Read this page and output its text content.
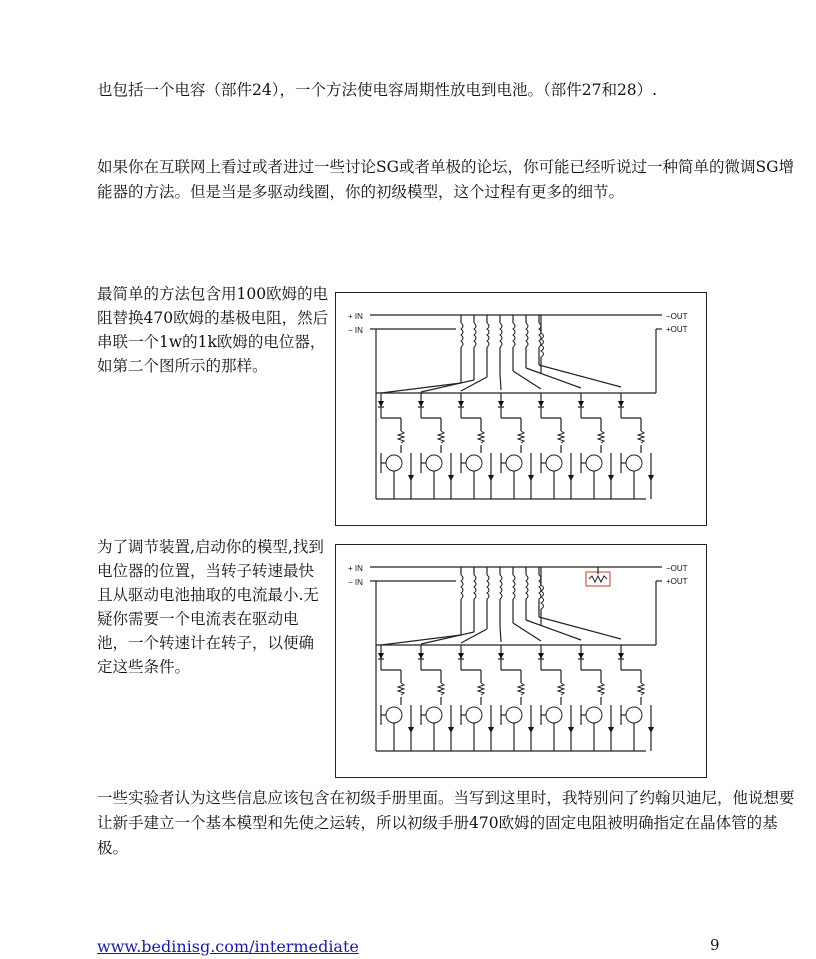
也包括一个电容（部件24），一个方法使电容周期性放电到电池。（部件27和28）.

如果你在互联网上看过或者进过一些讨论SG或者单极的论坛，你可能已经听说过一种简单的微调SG增能器的方法。但是当是多驱动线圈，你的初级模型，这个过程有更多的细节。

最简单的方法包含用100欧姆的电阻替换470欧姆的基极电阻，然后串联一个1w的1k欧姆的电位器，如第二个图所示的那样。

+ IN
− IN
−OUT
+OUT

为了调节装置,启动你的模型,找到电位器的位置，当转子转速最快且从驱动电池抽取的电流最小.无疑你需要一个电流表在驱动电池，一个转速计在转子，以便确定这些条件。

+ IN
− IN
−OUT
+OUT

一些实验者认为这些信息应该包含在初级手册里面。当写到这里时，我特别问了约翰贝迪尼，他说想要让新手建立一个基本模型和先使之运转，所以初级手册470欧姆的固定电阻被明确指定在晶体管的基极。

www.bedinisg.com/intermediate	9
